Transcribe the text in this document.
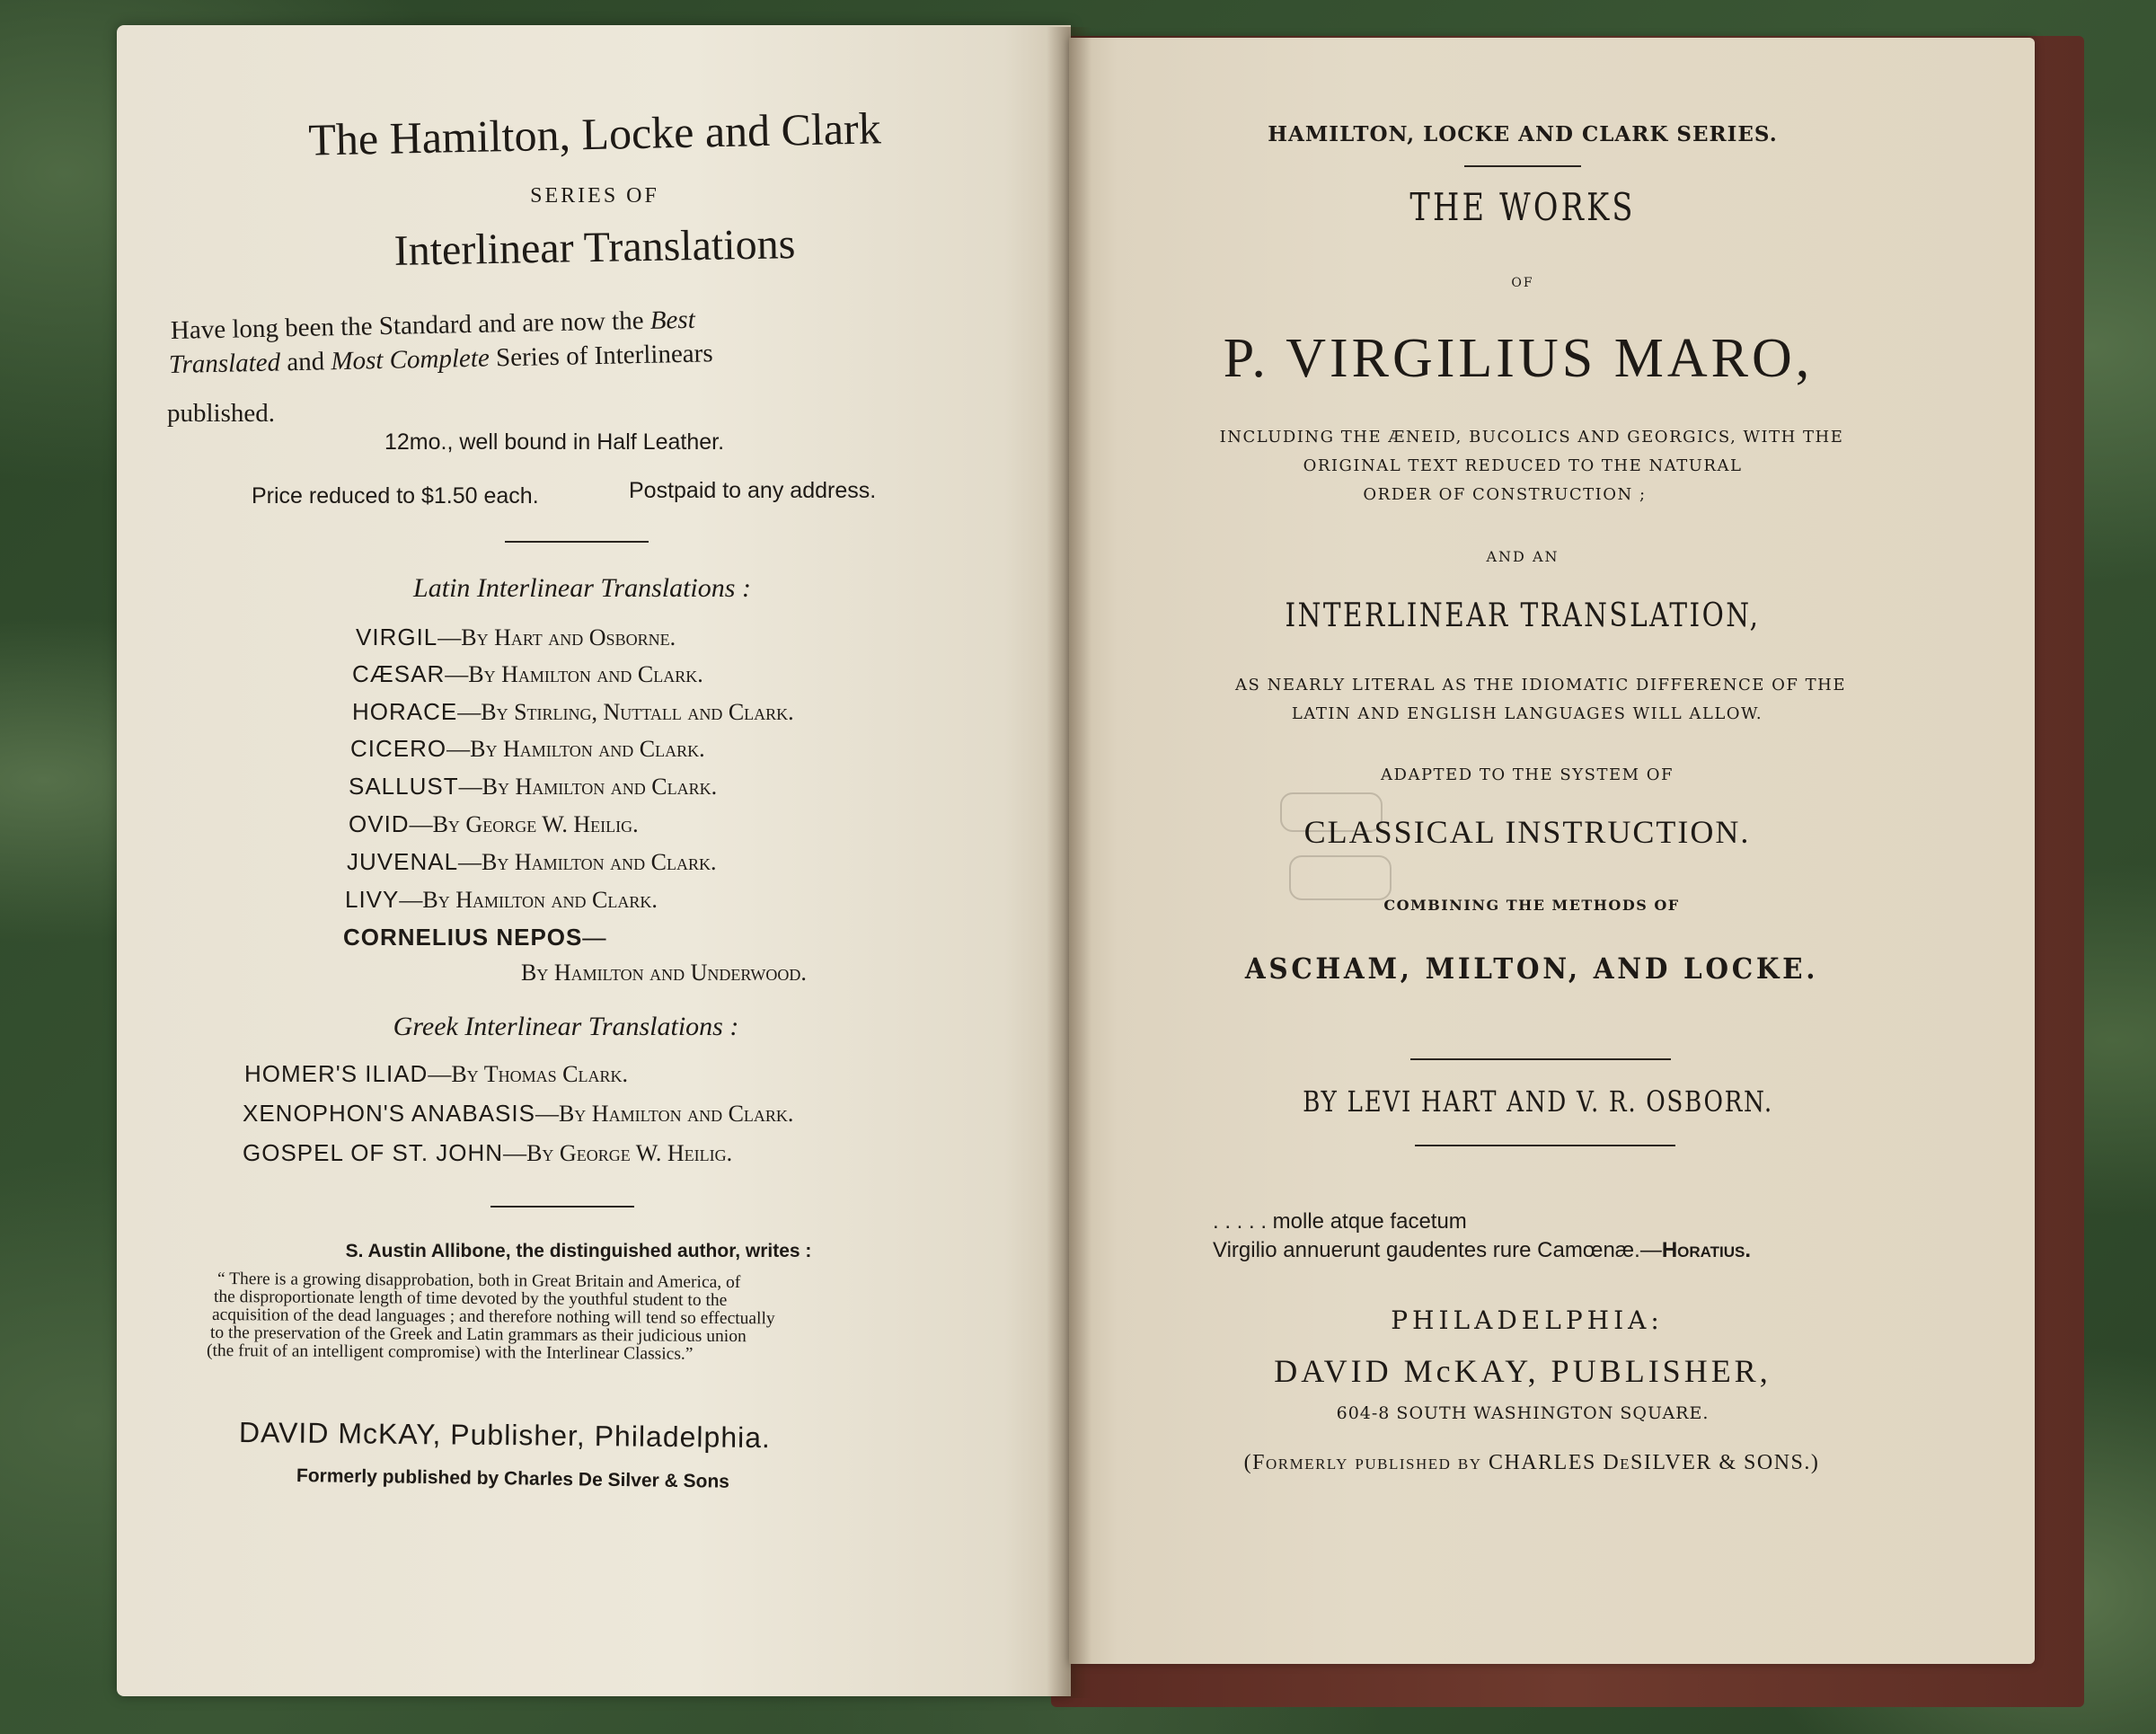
The Hamilton, Locke and Clark
SERIES OF
Interlinear Translations
Have long been the Standard and are now the Best
Translated and Most Complete Series of Interlinears
published.
12mo., well bound in Half Leather.
Price reduced to $1.50 each.	Postpaid to any address.
Latin Interlinear Translations :
VIRGIL—By Hart and Osborne.
CÆSAR—By Hamilton and Clark.
HORACE—By Stirling, Nuttall and Clark.
CICERO—By Hamilton and Clark.
SALLUST—By Hamilton and Clark.
OVID—By George W. Heilig.
JUVENAL—By Hamilton and Clark.
LIVY—By Hamilton and Clark.
CORNELIUS NEPOS—
By Hamilton and Underwood.
Greek Interlinear Translations :
HOMER'S ILIAD—By Thomas Clark.
XENOPHON'S ANABASIS—By Hamilton and Clark.
GOSPEL OF ST. JOHN—By George W. Heilig.
S. Austin Allibone, the distinguished author, writes :
“ There is a growing disapprobation, both in Great Britain and America, of
the disproportionate length of time devoted by the youthful student to the
acquisition of the dead languages ; and therefore nothing will tend so effectually
to the preservation of the Greek and Latin grammars as their judicious union
(the fruit of an intelligent compromise) with the Interlinear Classics.”
DAVID McKAY, Publisher, Philadelphia.
Formerly published by Charles De Silver & Sons
HAMILTON, LOCKE AND CLARK SERIES.
THE WORKS
OF
P. VIRGILIUS MARO,
INCLUDING THE ÆNEID, BUCOLICS AND GEORGICS, WITH THE
ORIGINAL TEXT REDUCED TO THE NATURAL
ORDER OF CONSTRUCTION ;
AND AN
INTERLINEAR TRANSLATION,
AS NEARLY LITERAL AS THE IDIOMATIC DIFFERENCE OF THE
LATIN AND ENGLISH LANGUAGES WILL ALLOW.
ADAPTED TO THE SYSTEM OF
CLASSICAL INSTRUCTION.
COMBINING THE METHODS OF
ASCHAM, MILTON, AND LOCKE.
BY LEVI HART AND V. R. OSBORN.
. . . . . molle atque facetum
Virgilio annuerunt gaudentes rure Camœnæ.—Horatius.
PHILADELPHIA:
DAVID McKAY, PUBLISHER,
604-8 SOUTH WASHINGTON SQUARE.
(Formerly published by CHARLES DeSILVER & SONS.)
